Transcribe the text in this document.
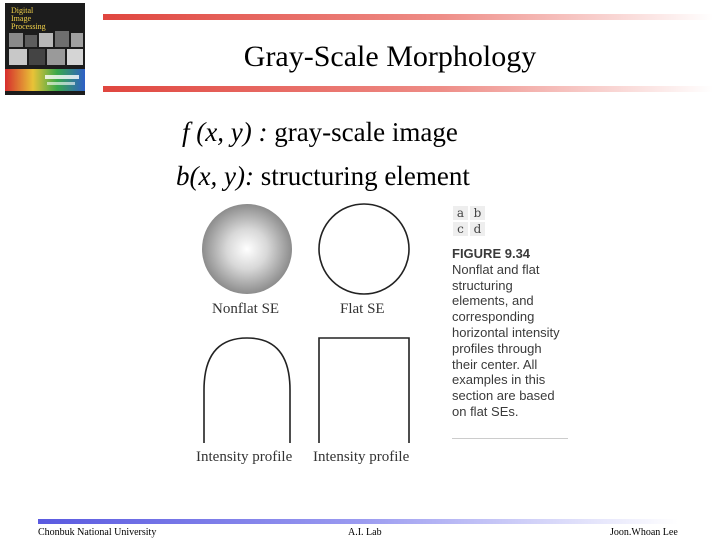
Digital
Image
Processing
Gray-Scale Morphology
f (x, y) : gray-scale image
b(x, y): structuring element
Nonflat SE	Flat SE
Intensity profile Intensity profile
a b
c d
FIGURE 9.34
Nonflat and flat structuring elements, and corresponding horizontal intensity profiles through their center. All examples in this section are based on flat SEs.
Chonbuk National University	A.I. Lab	Joon.Whoan Lee
